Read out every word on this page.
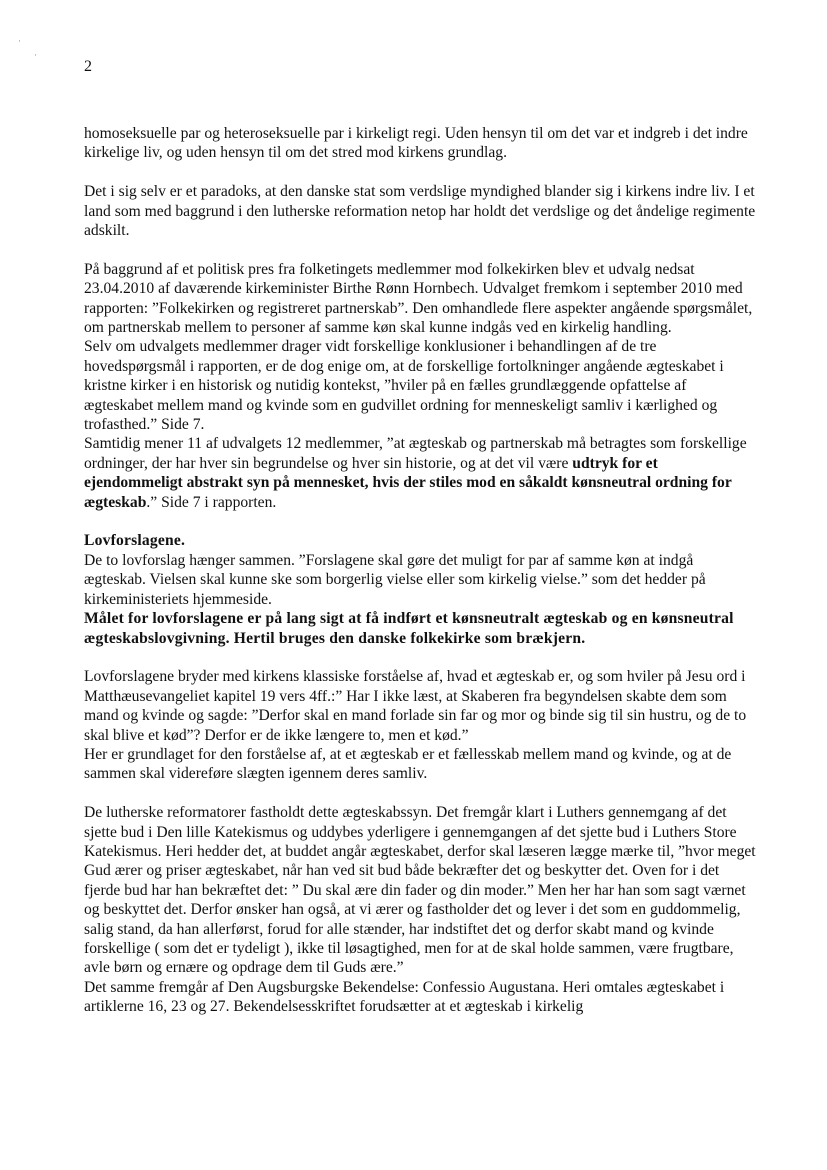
·
·
2

homoseksuelle par og heteroseksuelle par i kirkeligt regi. Uden hensyn til om det var et indgreb i det indre kirkelige liv, og uden hensyn til om det stred mod kirkens grundlag.

Det i sig selv er et paradoks, at den danske stat som verdslige myndighed blander sig i kirkens indre liv. I et land som med baggrund i den lutherske reformation netop har holdt det verdslige og det åndelige regimente adskilt.

På baggrund af et politisk pres fra folketingets medlemmer mod folkekirken blev et udvalg nedsat 23.04.2010 af daværende kirkeminister Birthe Rønn Hornbech. Udvalget fremkom i september 2010 med rapporten: ”Folkekirken og registreret partnerskab”. Den omhandlede flere aspekter angående spørgsmålet, om partnerskab mellem to personer af samme køn skal kunne indgås ved en kirkelig handling.

Selv om udvalgets medlemmer drager vidt forskellige konklusioner i behandlingen af de tre hovedspørgsmål i rapporten, er de dog enige om, at de forskellige fortolkninger angående ægteskabet i kristne kirker i en historisk og nutidig kontekst, ”hviler på en fælles grundlæggende opfattelse af ægteskabet mellem mand og kvinde som en gudvillet ordning for menneskeligt samliv i kærlighed og trofasthed.” Side 7.

Samtidig mener 11 af udvalgets 12 medlemmer, ”at ægteskab og partnerskab må betragtes som forskellige ordninger, der har hver sin begrundelse og hver sin historie, og at det vil være udtryk for et ejendommeligt abstrakt syn på mennesket, hvis der stiles mod en såkaldt kønsneutral ordning for ægteskab.” Side 7 i rapporten.

Lovforslagene.

De to lovforslag hænger sammen. ”Forslagene skal gøre det muligt for par af samme køn at indgå ægteskab. Vielsen skal kunne ske som borgerlig vielse eller som kirkelig vielse.” som det hedder på kirkeministeriets hjemmeside.

Målet for lovforslagene er på lang sigt at få indført et kønsneutralt ægteskab og en kønsneutral ægteskabslovgivning. Hertil bruges den danske folkekirke som brækjern.

Lovforslagene bryder med kirkens klassiske forståelse af, hvad et ægteskab er, og som hviler på Jesu ord i Matthæusevangeliet kapitel 19 vers 4ff.:” Har I ikke læst, at Skaberen fra begyndelsen skabte dem som mand og kvinde og sagde: ”Derfor skal en mand forlade sin far og mor og binde sig til sin hustru, og de to skal blive et kød”? Derfor er de ikke længere to, men et kød.”

Her er grundlaget for den forståelse af, at et ægteskab er et fællesskab mellem mand og kvinde, og at de sammen skal videreføre slægten igennem deres samliv.

De lutherske reformatorer fastholdt dette ægteskabssyn. Det fremgår klart i Luthers gennemgang af det sjette bud i Den lille Katekismus og uddybes yderligere i gennemgangen af det sjette bud i Luthers Store Katekismus. Heri hedder det, at buddet angår ægteskabet, derfor skal læseren lægge mærke til, ”hvor meget Gud ærer og priser ægteskabet, når han ved sit bud både bekræfter det og beskytter det. Oven for i det fjerde bud har han bekræftet det: ” Du skal ære din fader og din moder.” Men her har han som sagt værnet og beskyttet det. Derfor ønsker han også, at vi ærer og fastholder det og lever i det som en guddommelig, salig stand, da han allerførst, forud for alle stænder, har indstiftet det og derfor skabt mand og kvinde forskellige ( som det er tydeligt ), ikke til løsagtighed, men for at de skal holde sammen, være frugtbare, avle børn og ernære og opdrage dem til Guds ære.”

Det samme fremgår af Den Augsburgske Bekendelse: Confessio Augustana. Heri omtales ægteskabet i artiklerne 16, 23 og 27. Bekendelsesskriftet forudsætter at et ægteskab i kirkelig
